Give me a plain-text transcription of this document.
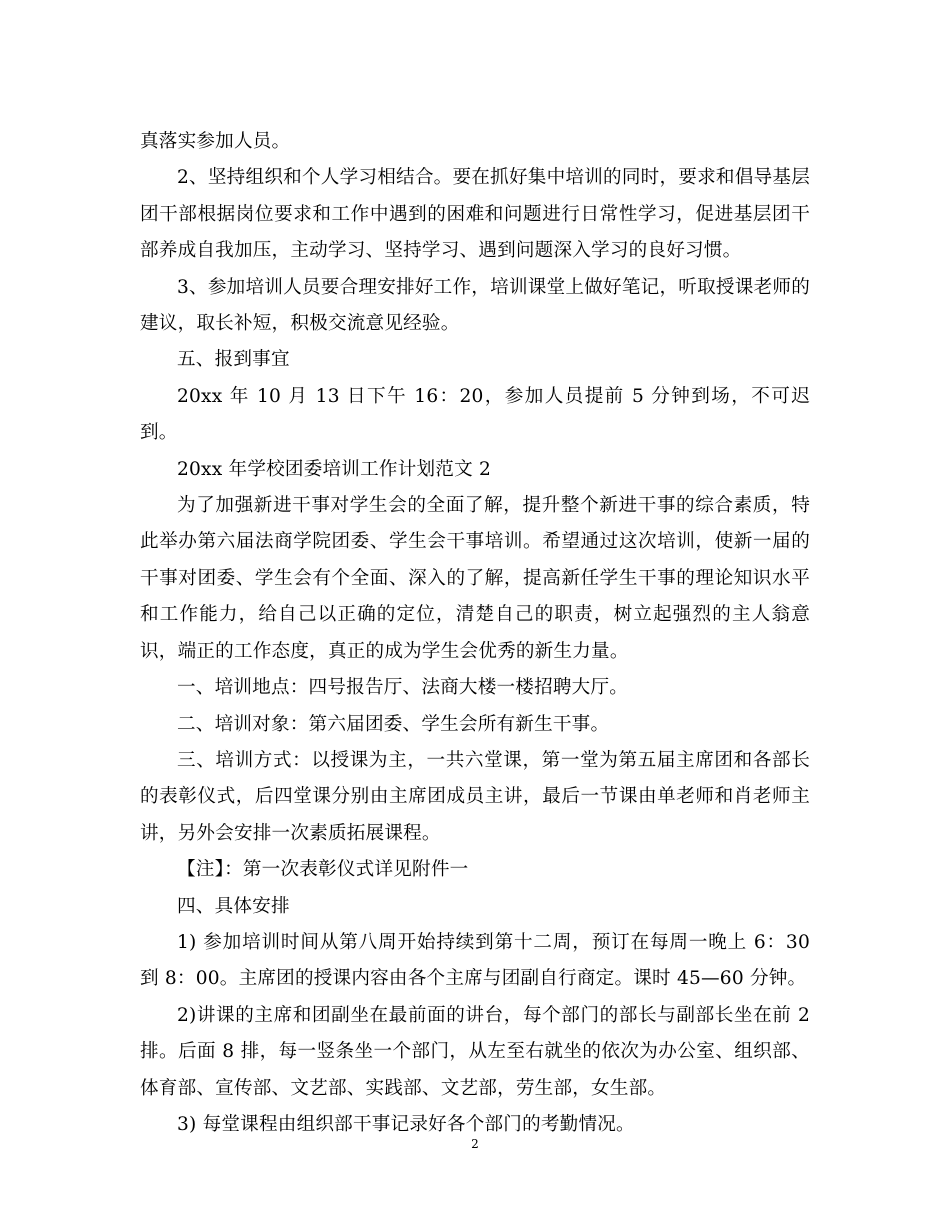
真落实参加人员。

2、坚持组织和个人学习相结合。要在抓好集中培训的同时，要求和倡导基层团干部根据岗位要求和工作中遇到的困难和问题进行日常性学习，促进基层团干部养成自我加压，主动学习、坚持学习、遇到问题深入学习的良好习惯。

3、参加培训人员要合理安排好工作，培训课堂上做好笔记，听取授课老师的建议，取长补短，积极交流意见经验。

五、报到事宜

20xx 年 10 月 13 日下午 16：20，参加人员提前 5 分钟到场，不可迟到。

20xx 年学校团委培训工作计划范文 2

为了加强新进干事对学生会的全面了解，提升整个新进干事的综合素质，特此举办第六届法商学院团委、学生会干事培训。希望通过这次培训，使新一届的干事对团委、学生会有个全面、深入的了解，提高新任学生干事的理论知识水平和工作能力，给自己以正确的定位，清楚自己的职责，树立起强烈的主人翁意识，端正的工作态度，真正的成为学生会优秀的新生力量。

一、培训地点：四号报告厅、法商大楼一楼招聘大厅。

二、培训对象：第六届团委、学生会所有新生干事。

三、培训方式：以授课为主，一共六堂课，第一堂为第五届主席团和各部长的表彰仪式，后四堂课分别由主席团成员主讲，最后一节课由单老师和肖老师主讲，另外会安排一次素质拓展课程。

【注】：第一次表彰仪式详见附件一

四、具体安排

1) 参加培训时间从第八周开始持续到第十二周，预订在每周一晚上 6：30 到 8：00。主席团的授课内容由各个主席与团副自行商定。课时 45—60 分钟。

2)讲课的主席和团副坐在最前面的讲台，每个部门的部长与副部长坐在前 2 排。后面 8 排，每一竖条坐一个部门，从左至右就坐的依次为办公室、组织部、体育部、宣传部、文艺部、实践部、文艺部，劳生部，女生部。

3) 每堂课程由组织部干事记录好各个部门的考勤情况。

2
